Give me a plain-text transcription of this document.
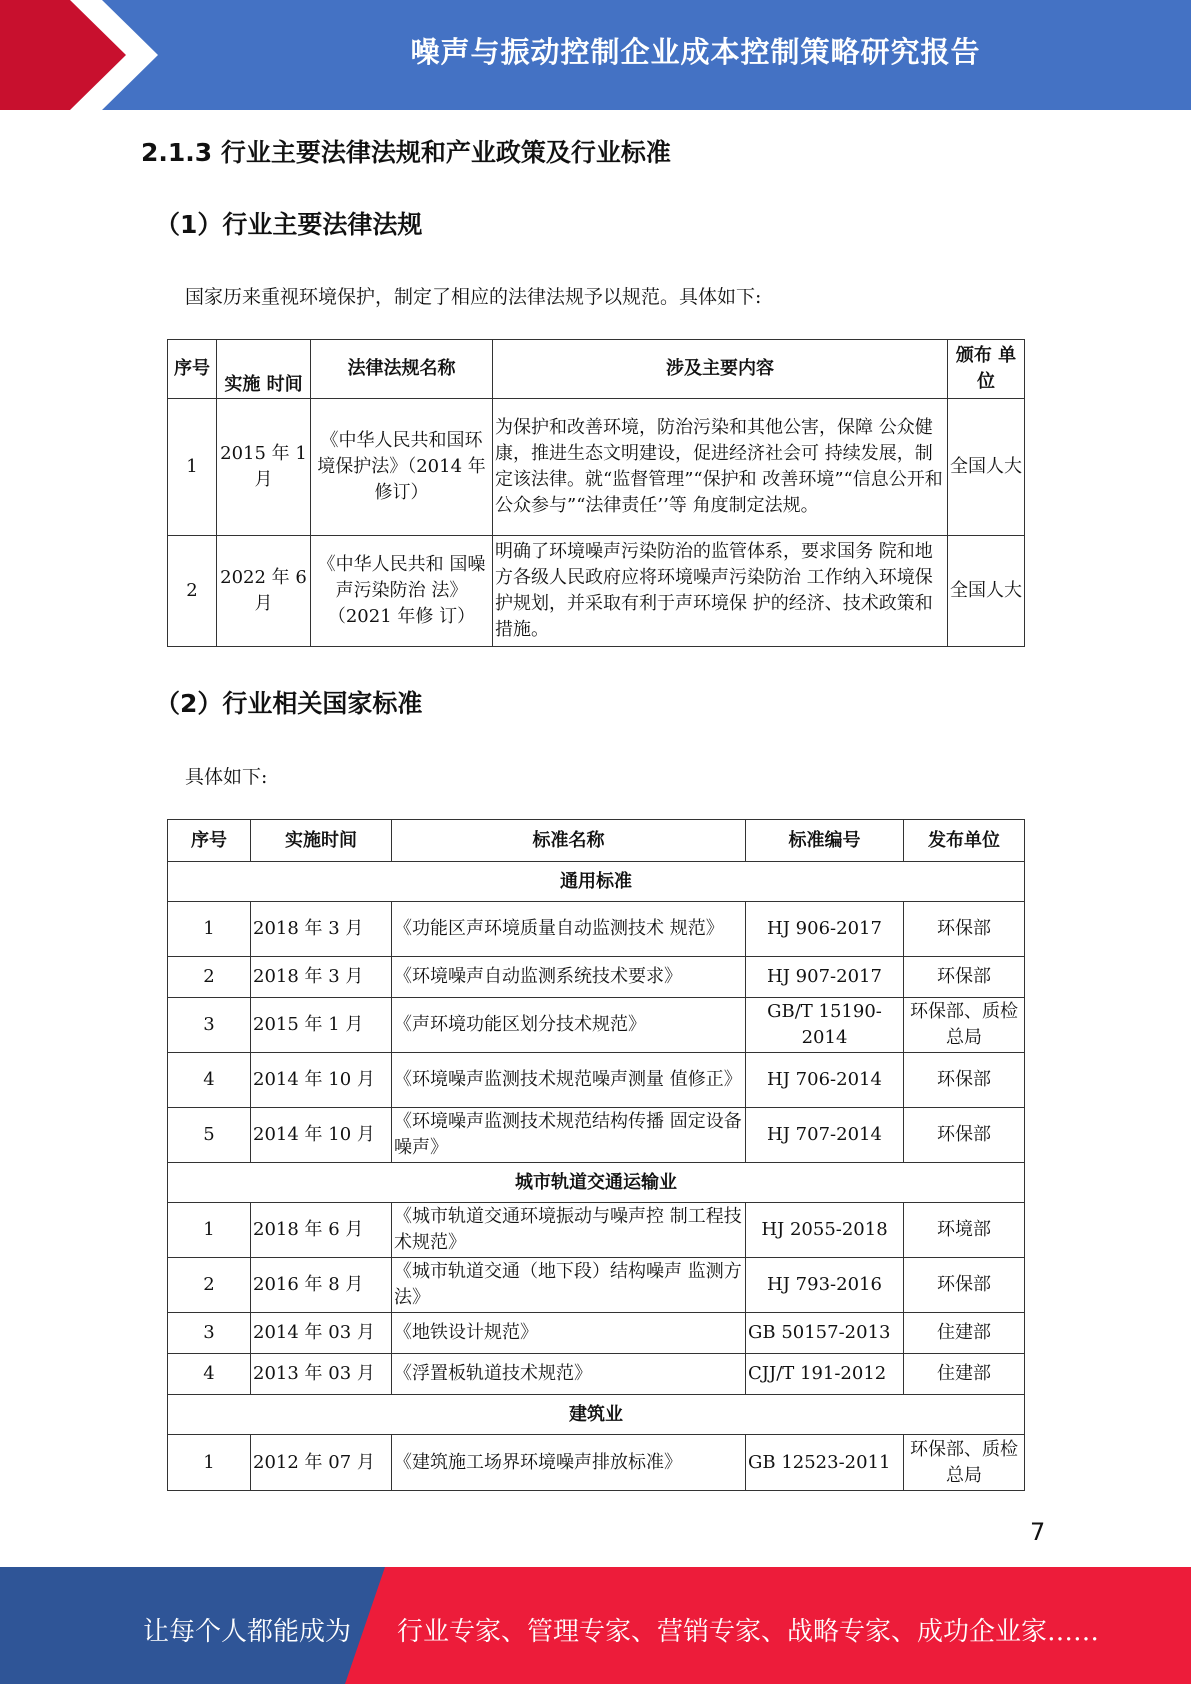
噪声与振动控制企业成本控制策略研究报告
2.1.3 行业主要法律法规和产业政策及行业标准
（1）行业主要法律法规
国家历来重视环境保护，制定了相应的法律法规予以规范。具体如下:
序号	实施 时间	法律法规名称	涉及主要内容	颁布 单位
1	2015 年 1月	《中华人民共和国环境保护法》（2014 年修订）	为保护和改善环境，防治污染和其他公害，保障 公众健康，推进生态文明建设，促进经济社会可 持续发展，制定该法律。就“监督管理”“保护和 改善环境”“信息公开和公众参与”“法律责任’’等 角度制定法规。	全国人大
2	2022 年 6月	《中华人民共和 国噪声污染防治 法》（2021 年修 订）	明确了环境噪声污染防治的监管体系，要求国务 院和地方各级人民政府应将环境噪声污染防治 工作纳入环境保护规划，并采取有利于声环境保 护的经济、技术政策和措施。	全国人大
（2）行业相关国家标准
具体如下:
序号	实施时间	标准名称	标准编号	发布单位
通用标准				
1	2018 年 3 月	《功能区声环境质量自动监测技术 规范》	HJ 906-2017	环保部
2	2018 年 3 月	《环境噪声自动监测系统技术要求》	HJ 907-2017	环保部
3	2015 年 1 月	《声环境功能区划分技术规范》	GB/T 15190-2014	环保部、质检总局
4	2014 年 10 月	《环境噪声监测技术规范噪声测量 值修正》	HJ 706-2014	环保部
5	2014 年 10 月	《环境噪声监测技术规范结构传播 固定设备噪声》	HJ 707-2014	环保部
城市轨道交通运输业				
1	2018 年 6 月	《城市轨道交通环境振动与噪声控 制工程技术规范》	HJ 2055-2018	环境部
2	2016 年 8 月	《城市轨道交通（地下段）结构噪声 监测方法》	HJ 793-2016	环保部
3	2014 年 03 月	《地铁设计规范》	GB 50157-2013	住建部
4	2013 年 03 月	《浮置板轨道技术规范》	CJJ/T 191-2012	住建部
建筑业				
1	2012 年 07 月	《建筑施工场界环境噪声排放标准》	GB 12523-2011	环保部、质检总局
7
让每个人都能成为 行业专家、管理专家、营销专家、战略专家、成功企业家……
